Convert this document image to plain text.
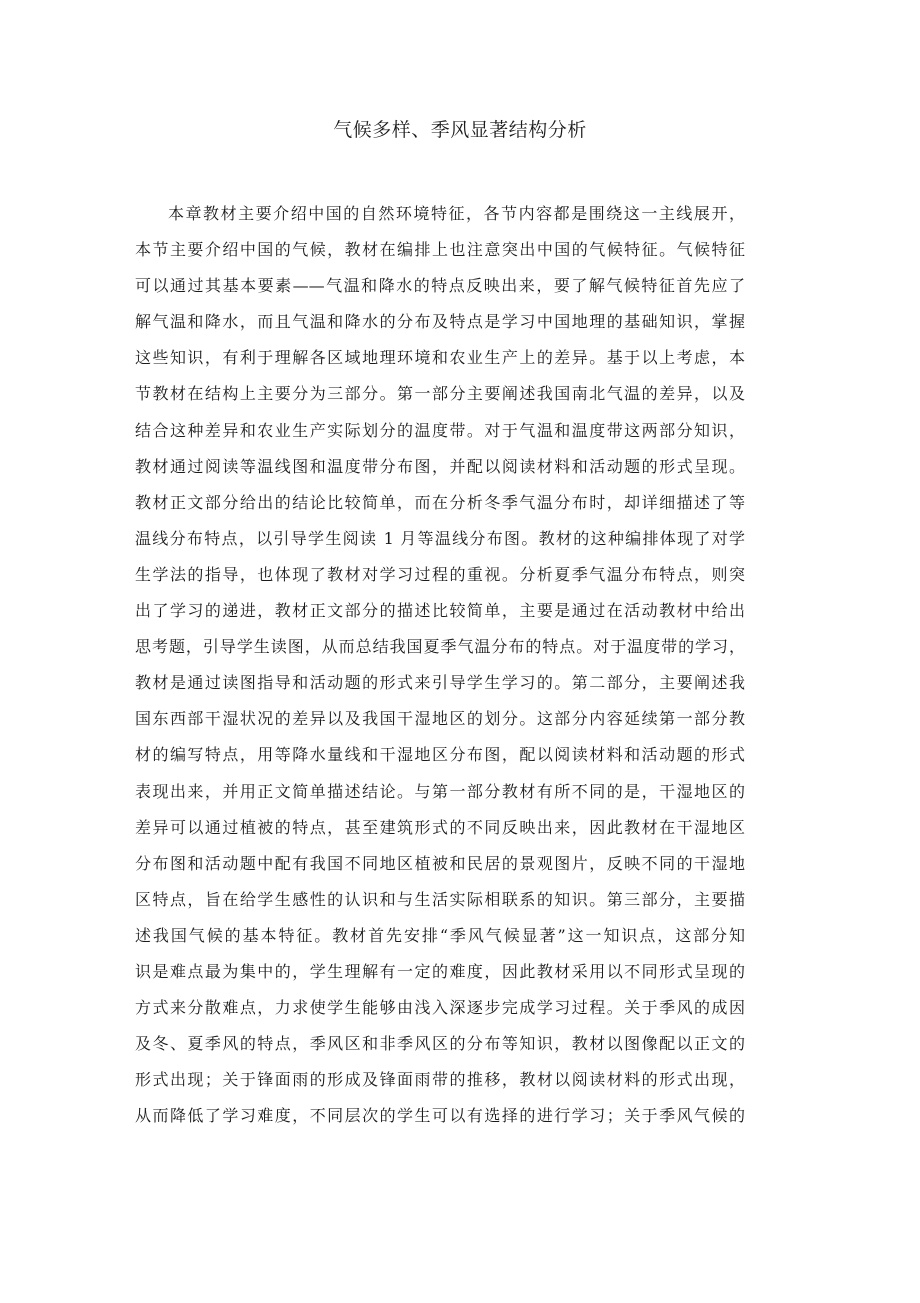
气候多样、季风显著结构分析
本章教材主要介绍中国的自然环境特征，各节内容都是围绕这一主线展开，
本节主要介绍中国的气候，教材在编排上也注意突出中国的气候特征。气候特征
可以通过其基本要素——气温和降水的特点反映出来，要了解气候特征首先应了
解气温和降水，而且气温和降水的分布及特点是学习中国地理的基础知识，掌握
这些知识，有利于理解各区域地理环境和农业生产上的差异。基于以上考虑，本
节教材在结构上主要分为三部分。第一部分主要阐述我国南北气温的差异，以及
结合这种差异和农业生产实际划分的温度带。对于气温和温度带这两部分知识，
教材通过阅读等温线图和温度带分布图，并配以阅读材料和活动题的形式呈现。
教材正文部分给出的结论比较简单，而在分析冬季气温分布时，却详细描述了等
温线分布特点，以引导学生阅读 1 月等温线分布图。教材的这种编排体现了对学
生学法的指导，也体现了教材对学习过程的重视。分析夏季气温分布特点，则突
出了学习的递进，教材正文部分的描述比较简单，主要是通过在活动教材中给出
思考题，引导学生读图，从而总结我国夏季气温分布的特点。对于温度带的学习，
教材是通过读图指导和活动题的形式来引导学生学习的。第二部分，主要阐述我
国东西部干湿状况的差异以及我国干湿地区的划分。这部分内容延续第一部分教
材的编写特点，用等降水量线和干湿地区分布图，配以阅读材料和活动题的形式
表现出来，并用正文简单描述结论。与第一部分教材有所不同的是，干湿地区的
差异可以通过植被的特点，甚至建筑形式的不同反映出来，因此教材在干湿地区
分布图和活动题中配有我国不同地区植被和民居的景观图片，反映不同的干湿地
区特点，旨在给学生感性的认识和与生活实际相联系的知识。第三部分，主要描
述我国气候的基本特征。教材首先安排“季风气候显著”这一知识点，这部分知
识是难点最为集中的，学生理解有一定的难度，因此教材采用以不同形式呈现的
方式来分散难点，力求使学生能够由浅入深逐步完成学习过程。关于季风的成因
及冬、夏季风的特点，季风区和非季风区的分布等知识，教材以图像配以正文的
形式出现；关于锋面雨的形成及锋面雨带的推移，教材以阅读材料的形式出现，
从而降低了学习难度，不同层次的学生可以有选择的进行学习；关于季风气候的
